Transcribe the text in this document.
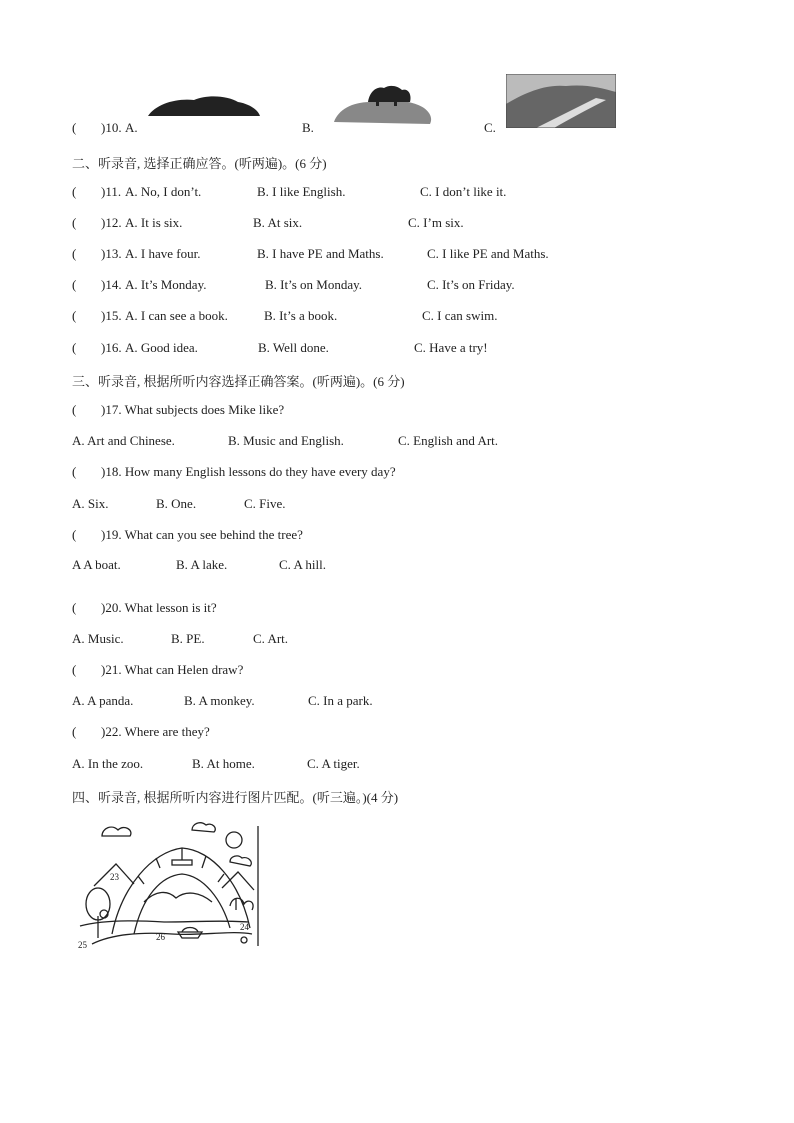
( )10. A.	B.	C.
二、听录音, 选择正确应答。(听两遍)。(6 分)
( )11. A. No, I don’t.	B. I like English.	C. I don’t like it.
( )12. A. It is six.	B. At six.	C. I’m six.
( )13. A. I have four.	B. I have PE and Maths.	C. I like PE and Maths.
( )14. A. It’s Monday.	B. It’s on Monday.	C. It’s on Friday.
( )15. A. I can see a book.	B. It’s a book.	C. I can swim.
( )16. A. Good idea.	B. Well done.	C. Have a try!
三、听录音, 根据所听内容选择正确答案。(听两遍)。(6 分)
( )17. What subjects does Mike like?
A. Art and Chinese.	B. Music and English.	C. English and Art.
( )18. How many English lessons do they have every day?
A. Six.	B. One.	C. Five.
( )19. What can you see behind the tree?
A A boat.	B. A lake.	C. A hill.
( )20. What lesson is it?
A. Music.	B. PE.	C. Art.
( )21. What can Helen draw?
A. A panda.	B. A monkey.	C. In a park.
( )22. Where are they?
A. In the zoo.	B. At home.	C. A tiger.
四、听录音, 根据所听内容进行图片匹配。(听三遍。)(4 分)
23
24
25
26
